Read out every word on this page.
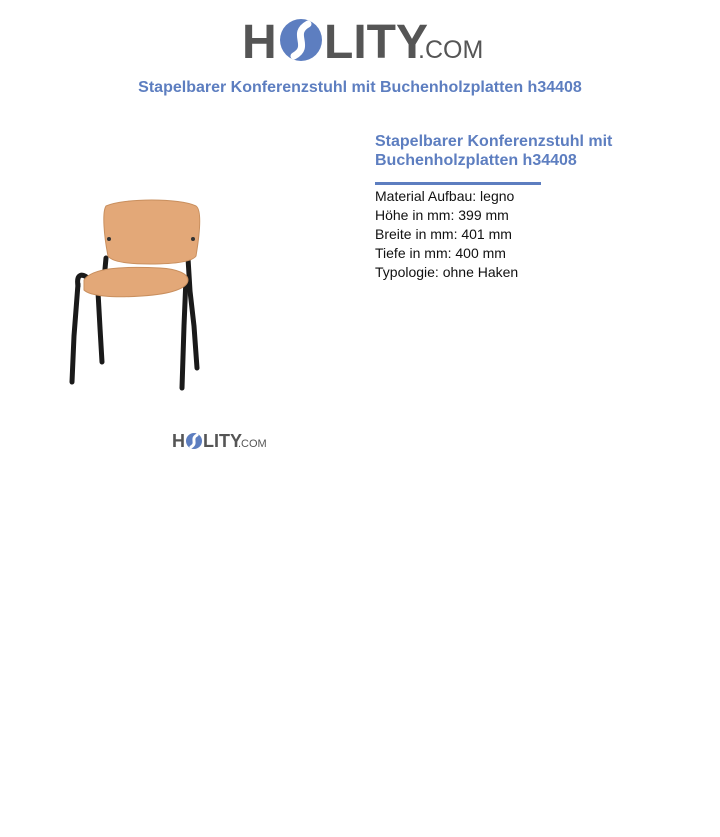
H LITY
.COM
Stapelbarer Konferenzstuhl mit Buchenholzplatten h34408
H LITY
.COM
Stapelbarer Konferenzstuhl mit Buchenholzplatten h34408
Material Aufbau: legno
Höhe in mm: 399 mm
Breite in mm: 401 mm
Tiefe in mm: 400 mm
Typologie: ohne Haken
